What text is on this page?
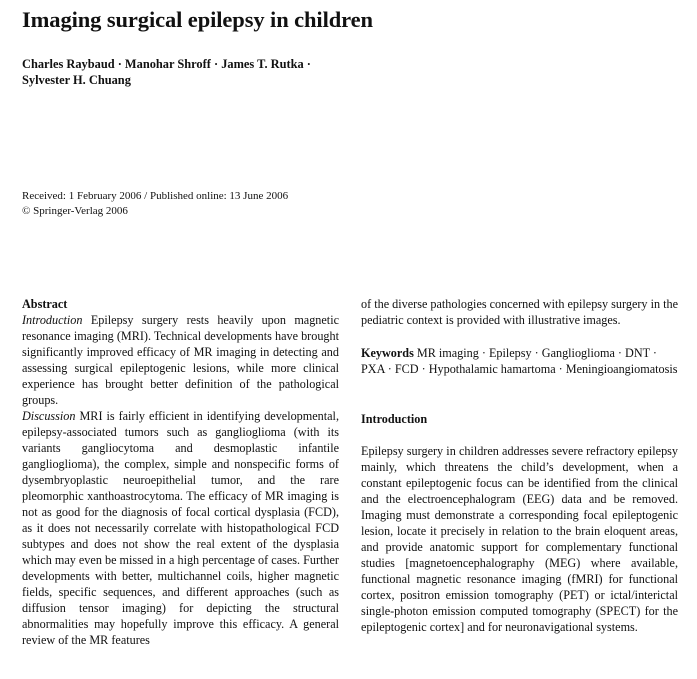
Imaging surgical epilepsy in children
Charles Raybaud · Manohar Shroff · James T. Rutka ·
Sylvester H. Chuang
Received: 1 February 2006 / Published online: 13 June 2006
© Springer-Verlag 2006
Abstract

Introduction Epilepsy surgery rests heavily upon magnetic resonance imaging (MRI). Technical developments have brought significantly improved efficacy of MR imaging in detecting and assessing surgical epileptogenic lesions, while more clinical experience has brought better definition of the pathological groups.

Discussion MRI is fairly efficient in identifying developmental, epilepsy-associated tumors such as ganglioglioma (with its variants gangliocytoma and desmoplastic infantile ganglioglioma), the complex, simple and nonspecific forms of dysembryoplastic neuroepithelial tumor, and the rare pleomorphic xanthoastrocytoma. The efficacy of MR imaging is not as good for the diagnosis of focal cortical dysplasia (FCD), as it does not necessarily correlate with histopathological FCD subtypes and does not show the real extent of the dysplasia which may even be missed in a high percentage of cases. Further developments with better, multichannel coils, higher magnetic fields, specific sequences, and different approaches (such as diffusion tensor imaging) for depicting the structural abnormalities may hopefully improve this efficacy. A general review of the MR features

of the diverse pathologies concerned with epilepsy surgery in the pediatric context is provided with illustrative images.

Keywords MR imaging · Epilepsy · Ganglioglioma · DNT · PXA · FCD · Hypothalamic hamartoma · Meningioangiomatosis

Introduction

Epilepsy surgery in children addresses severe refractory epilepsy mainly, which threatens the child’s development, when a constant epileptogenic focus can be identified from the clinical and the electroencephalogram (EEG) data and be removed. Imaging must demonstrate a corresponding focal epileptogenic lesion, locate it precisely in relation to the brain eloquent areas, and provide anatomic support for complementary functional studies [magnetoencephalography (MEG) where available, functional magnetic resonance imaging (fMRI) for functional cortex, positron emission tomography (PET) or ictal/interictal single-photon emission computed tomography (SPECT) for the epileptogenic cortex] and for neuronavigational systems.
